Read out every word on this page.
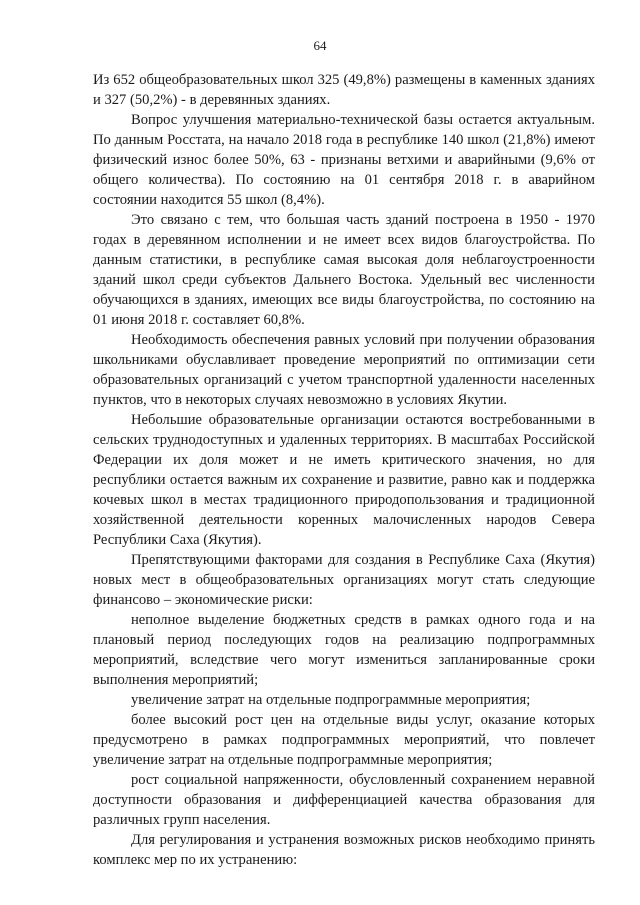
64

Из 652 общеобразовательных школ 325 (49,8%) размещены в каменных зданиях и 327 (50,2%) - в деревянных зданиях.

Вопрос улучшения материально-технической базы остается актуальным. По данным Росстата, на начало 2018 года в республике 140 школ (21,8%) имеют физический износ более 50%, 63 - признаны ветхими и аварийными (9,6% от общего количества). По состоянию на 01 сентября 2018 г. в аварийном состоянии находится 55 школ (8,4%).

Это связано с тем, что большая часть зданий построена в 1950 - 1970 годах в деревянном исполнении и не имеет всех видов благоустройства. По данным статистики, в республике самая высокая доля неблагоустроенности зданий школ среди субъектов Дальнего Востока. Удельный вес численности обучающихся в зданиях, имеющих все виды благоустройства, по состоянию на 01 июня 2018 г. составляет 60,8%.

Необходимость обеспечения равных условий при получении образования школьниками обуславливает проведение мероприятий по оптимизации сети образовательных организаций с учетом транспортной удаленности населенных пунктов, что в некоторых случаях невозможно в условиях Якутии.

Небольшие образовательные организации остаются востребованными в сельских труднодоступных и удаленных территориях. В масштабах Российской Федерации их доля может и не иметь критического значения, но для республики остается важным их сохранение и развитие, равно как и поддержка кочевых школ в местах традиционного природопользования и традиционной хозяйственной деятельности коренных малочисленных народов Севера Республики Саха (Якутия).

Препятствующими факторами для создания в Республике Саха (Якутия) новых мест в общеобразовательных организациях могут стать следующие финансово – экономические риски:

неполное выделение бюджетных средств в рамках одного года и на плановый период последующих годов на реализацию подпрограммных мероприятий, вследствие чего могут измениться запланированные сроки выполнения мероприятий;

увеличение затрат на отдельные подпрограммные мероприятия;

более высокий рост цен на отдельные виды услуг, оказание которых предусмотрено в рамках подпрограммных мероприятий, что повлечет увеличение затрат на отдельные подпрограммные мероприятия;

рост социальной напряженности, обусловленный сохранением неравной доступности образования и дифференциацией качества образования для различных групп населения.

Для регулирования и устранения возможных рисков необходимо принять комплекс мер по их устранению:
